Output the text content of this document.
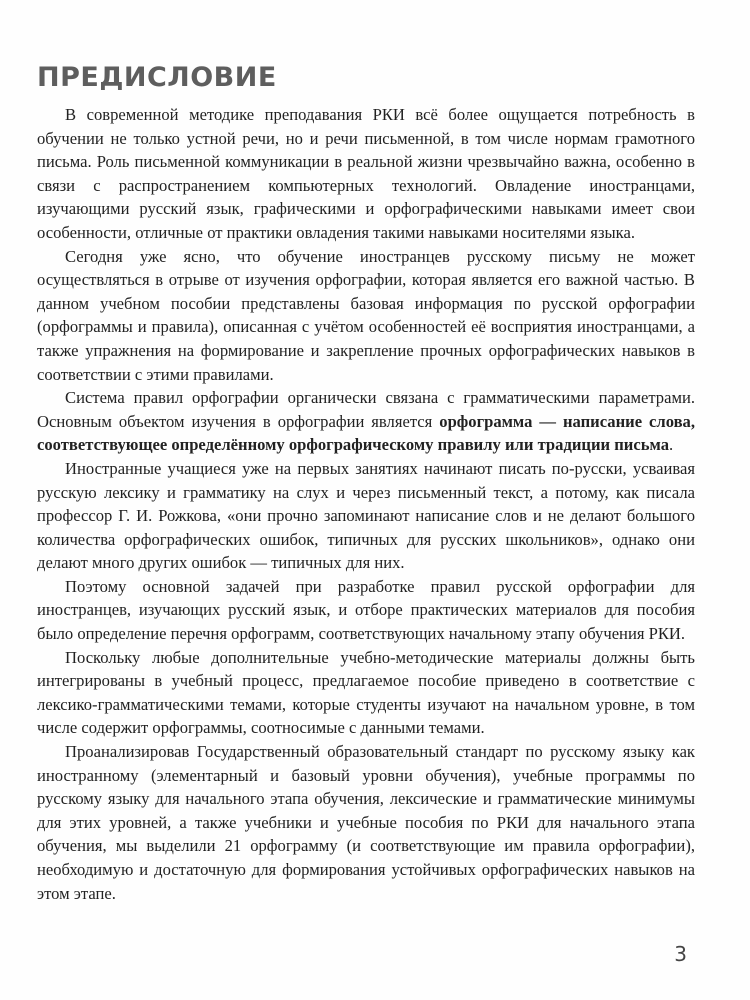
ПРЕДИСЛОВИЕ

В современной методике преподавания РКИ всё более ощущается потребность в обучении не только устной речи, но и речи письменной, в том числе нормам грамотного письма. Роль письменной коммуникации в реальной жизни чрезвычайно важна, особенно в связи с распространением компьютерных технологий. Овладение иностранцами, изучающими русский язык, графическими и орфографическими навыками имеет свои особенности, отличные от практики овладения такими навыками носителями языка.

Сегодня уже ясно, что обучение иностранцев русскому письму не может осуществляться в отрыве от изучения орфографии, которая является его важной частью. В данном учебном пособии представлены базовая информация по русской орфографии (орфограммы и правила), описанная с учётом особенностей её восприятия иностранцами, а также упражнения на формирование и закрепление прочных орфографических навыков в соответствии с этими правилами.

Система правил орфографии органически связана с грамматическими параметрами. Основным объектом изучения в орфографии является орфограмма — написание слова, соответствующее определённому орфографическому правилу или традиции письма.

Иностранные учащиеся уже на первых занятиях начинают писать по-русски, усваивая русскую лексику и грамматику на слух и через письменный текст, а потому, как писала профессор Г. И. Рожкова, «они прочно запоминают написание слов и не делают большого количества орфографических ошибок, типичных для русских школьников», однако они делают много других ошибок — типичных для них.

Поэтому основной задачей при разработке правил русской орфографии для иностранцев, изучающих русский язык, и отборе практических материалов для пособия было определение перечня орфограмм, соответствующих начальному этапу обучения РКИ.

Поскольку любые дополнительные учебно-методические материалы должны быть интегрированы в учебный процесс, предлагаемое пособие приведено в соответствие с лексико-грамматическими темами, которые студенты изучают на начальном уровне, в том числе содержит орфограммы, соотносимые с данными темами.

Проанализировав Государственный образовательный стандарт по русскому языку как иностранному (элементарный и базовый уровни обучения), учебные программы по русскому языку для начального этапа обучения, лексические и грамматические минимумы для этих уровней, а также учебники и учебные пособия по РКИ для начального этапа обучения, мы выделили 21 орфограмму (и соответствующие им правила орфографии), необходимую и достаточную для формирования устойчивых орфографических навыков на этом этапе.

3
